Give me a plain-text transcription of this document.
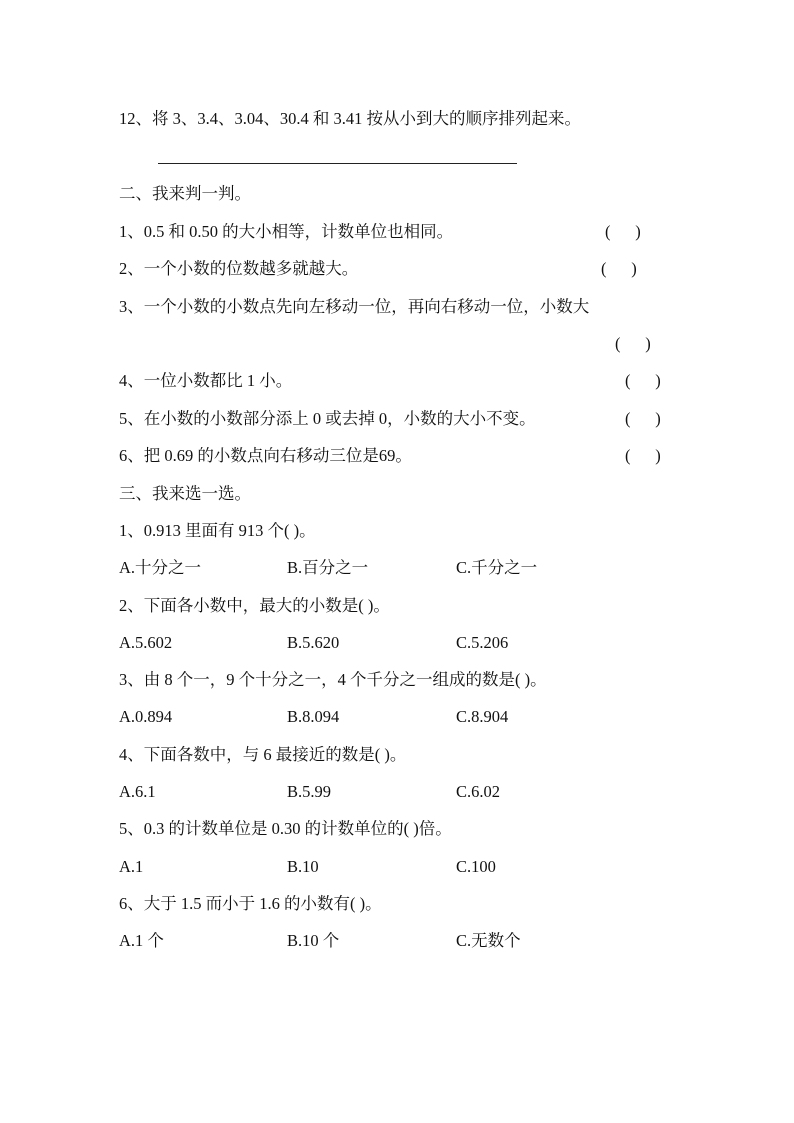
12、将 3、3.4、3.04、30.4 和 3.41 按从小到大的顺序排列起来。
二、我来判一判。
1、0.5 和 0.50 的大小相等，计数单位也相同。	(      )
2、一个小数的位数越多就越大。	(      )
3、一个小数的小数点先向左移动一位，再向右移动一位，小数大
(      )
4、一位小数都比 1 小。	(      )
5、在小数的小数部分添上 0 或去掉 0，小数的大小不变。	(      )
6、把 0.69 的小数点向右移动三位是69。	(      )
三、我来选一选。
1、0.913 里面有 913 个( )。
A.十分之一	B.百分之一	C.千分之一
2、下面各小数中，最大的小数是( )。
A.5.602	B.5.620	C.5.206
3、由 8 个一，9 个十分之一，4 个千分之一组成的数是( )。
A.0.894	B.8.094	C.8.904
4、下面各数中，与 6 最接近的数是( )。
A.6.1	B.5.99	C.6.02
5、0.3 的计数单位是 0.30 的计数单位的( )倍。
A.1	B.10	C.100
6、大于 1.5 而小于 1.6 的小数有( )。
A.1 个	B.10 个	C.无数个
